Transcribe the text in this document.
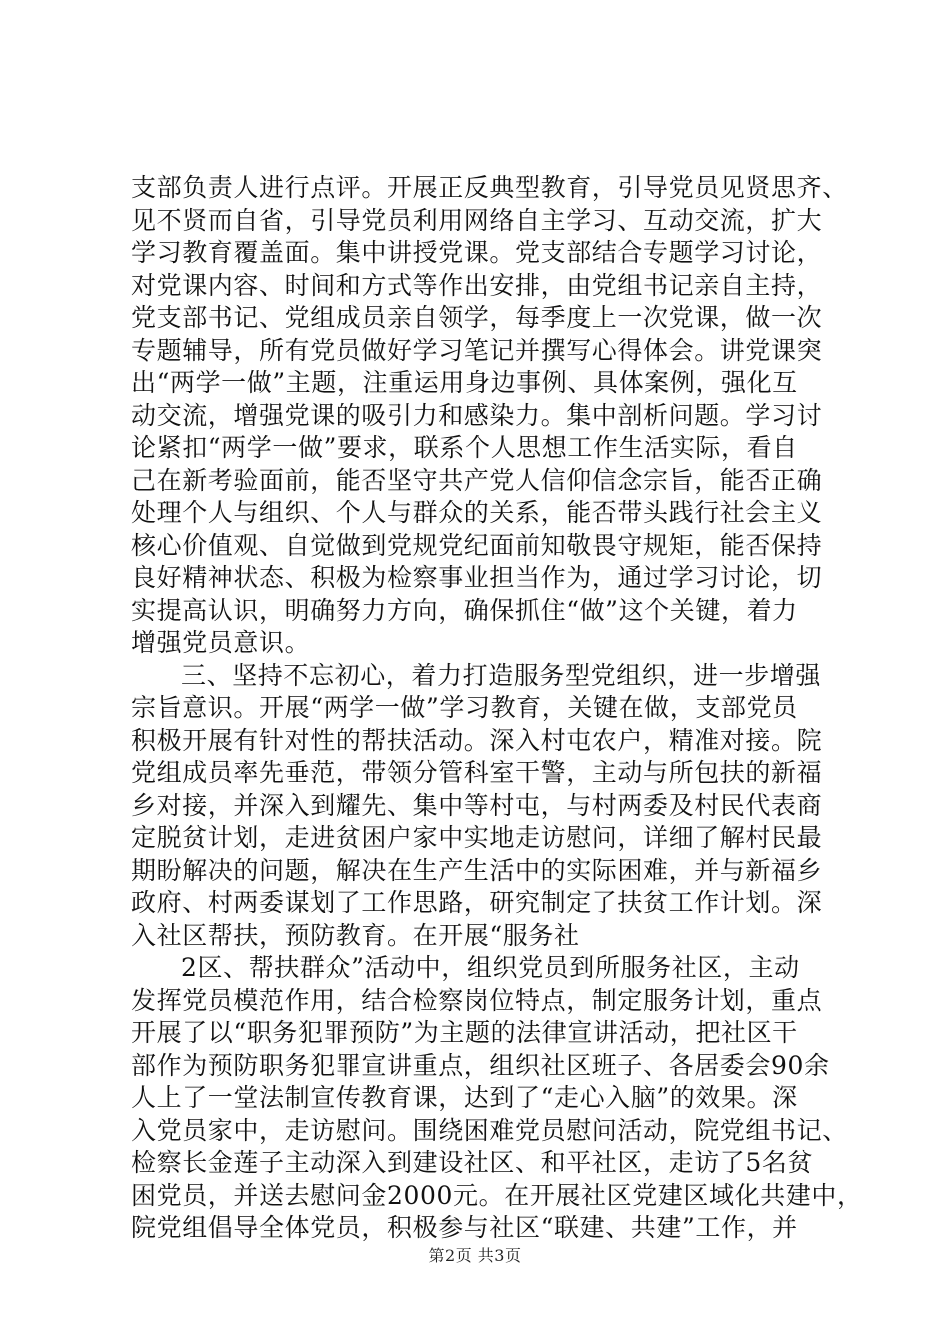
支部负责人进行点评。开展正反典型教育，引导党员见贤思齐、
见不贤而自省，引导党员利用网络自主学习、互动交流，扩大
学习教育覆盖面。集中讲授党课。党支部结合专题学习讨论，
对党课内容、时间和方式等作出安排，由党组书记亲自主持，
党支部书记、党组成员亲自领学，每季度上一次党课，做一次
专题辅导，所有党员做好学习笔记并撰写心得体会。讲党课突
出“两学一做”主题，注重运用身边事例、具体案例，强化互
动交流，增强党课的吸引力和感染力。集中剖析问题。学习讨
论紧扣“两学一做”要求，联系个人思想工作生活实际，看自
己在新考验面前，能否坚守共产党人信仰信念宗旨，能否正确
处理个人与组织、个人与群众的关系，能否带头践行社会主义
核心价值观、自觉做到党规党纪面前知敬畏守规矩，能否保持
良好精神状态、积极为检察事业担当作为，通过学习讨论，切
实提高认识，明确努力方向，确保抓住“做”这个关键，着力
增强党员意识。
三、坚持不忘初心，着力打造服务型党组织，进一步增强
宗旨意识。开展“两学一做”学习教育，关键在做，支部党员
积极开展有针对性的帮扶活动。深入村屯农户，精准对接。院
党组成员率先垂范，带领分管科室干警，主动与所包扶的新福
乡对接，并深入到耀先、集中等村屯，与村两委及村民代表商
定脱贫计划，走进贫困户家中实地走访慰问，详细了解村民最
期盼解决的问题，解决在生产生活中的实际困难，并与新福乡
政府、村两委谋划了工作思路，研究制定了扶贫工作计划。深
入社区帮扶，预防教育。在开展“服务社
2区、帮扶群众”活动中，组织党员到所服务社区，主动
发挥党员模范作用，结合检察岗位特点，制定服务计划，重点
开展了以“职务犯罪预防”为主题的法律宣讲活动，把社区干
部作为预防职务犯罪宣讲重点，组织社区班子、各居委会90余
人上了一堂法制宣传教育课，达到了“走心入脑”的效果。深
入党员家中，走访慰问。围绕困难党员慰问活动，院党组书记、
检察长金莲子主动深入到建设社区、和平社区，走访了5名贫
困党员，并送去慰问金2000元。在开展社区党建区域化共建中，
院党组倡导全体党员，积极参与社区“联建、共建”工作，并
第2页 共3页
